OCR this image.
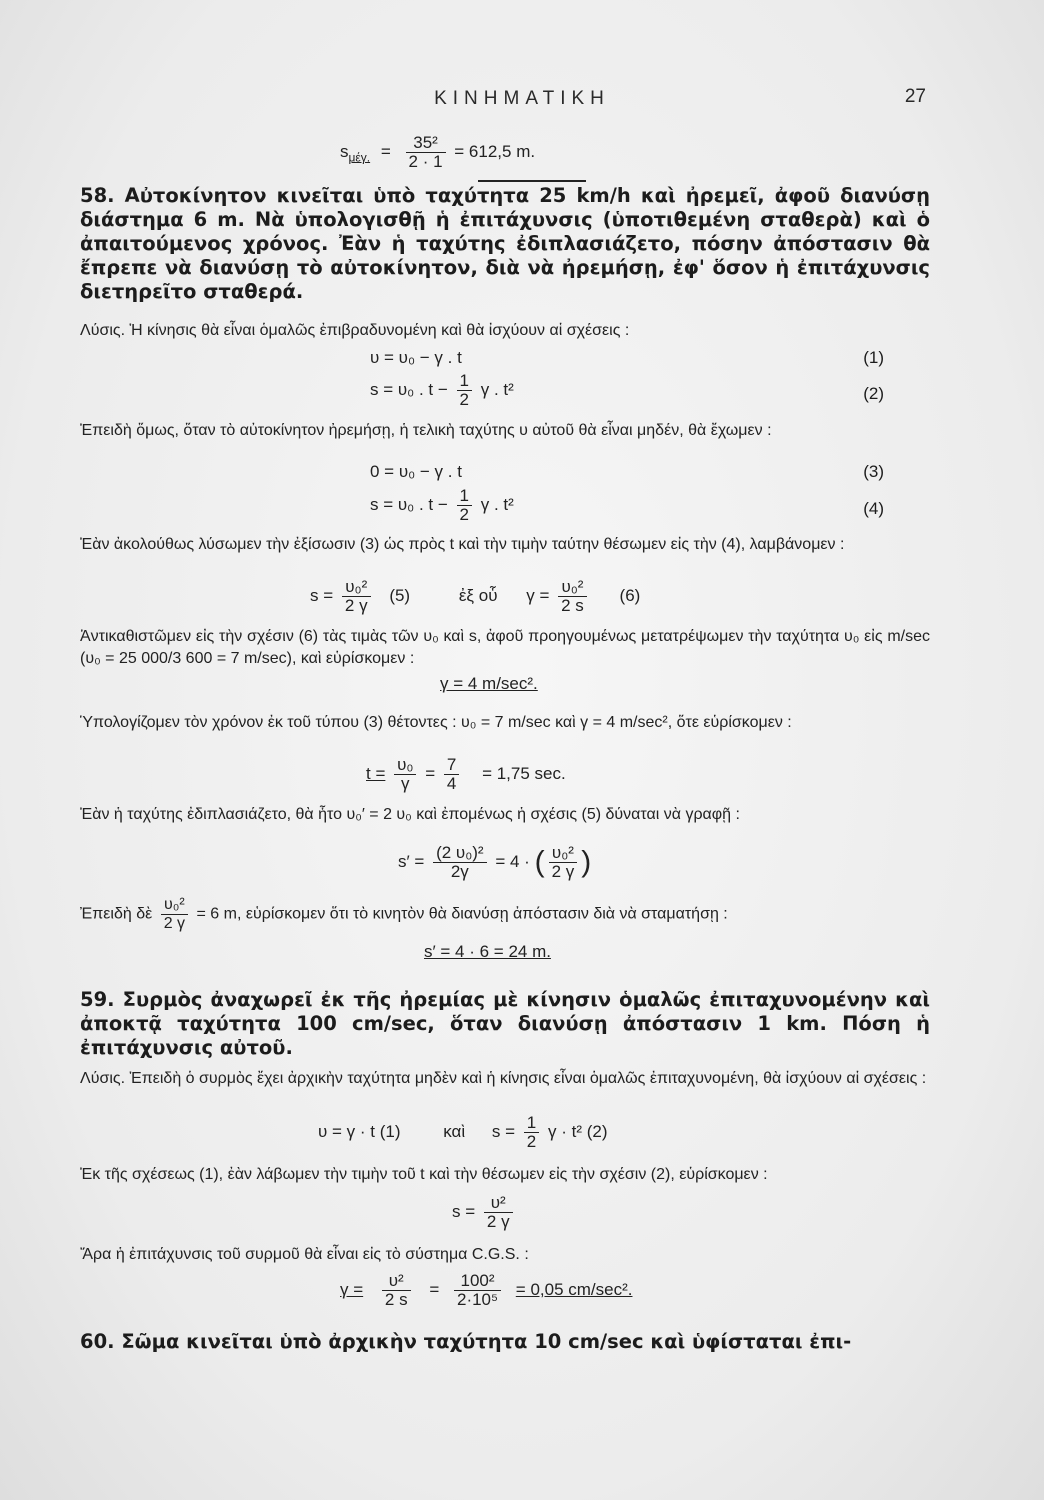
ΚΙΝΗΜΑΤΙΚΗ	27
$s_{\mu έ\gamma.} = \frac{\text{35²}}{2 \cdot 1} = 612,5$ m.
58. Αὐτοκίνητον κινεῖται ὑπὸ ταχύτητα 25 km/h καὶ ἠρεμεῖ, ἀφοῦ διανύσῃ διάστημα 6 m. Νὰ ὑπολογισθῇ ἡ ἐπιτάχυνσις (ὑποτιθεμένη σταθερὰ) καὶ ὁ ἀπαιτούμενος χρόνος. Ἐὰν ἡ ταχύτης ἐδιπλασιάζετο, πόσην ἀπόστασιν θὰ ἔπρεπε νὰ διανύσῃ τὸ αὐτοκίνητον, διὰ νὰ ἠρεμήσῃ, ἐφ' ὅσον ἡ ἐπιτάχυνσις διετηρεῖτο σταθερά.
Λύσις. Ἡ κίνησις θὰ εἶναι ὁμαλῶς ἐπιβραδυνομένη καὶ θὰ ἰσχύουν αἱ σχέσεις :
υ = υ₀ − γ . t	(1)
s = υ₀ . $t - \frac{1}{2}$ γ . t²	(2)
Ἐπειδὴ ὅμως, ὅταν τὸ αὐτοκίνητον ἠρεμήσῃ, ἡ τελικὴ ταχύτης υ αὐτοῦ θὰ εἶναι μηδέν, θὰ ἔχωμεν :
0 = υ₀ − γ . t	(3)
s = υ₀ . $t - \frac{1}{2}$ γ . t²	(4)
Ἐὰν ἀκολούθως λύσωμεν τὴν ἐξίσωσιν (3) ὡς πρὸς t καὶ τὴν τιμὴν ταύτην θέσωμεν εἰς τὴν (4), λαμβάνομεν :
$s = \frac{\text{υ₀²}}{2 \gamma} (5)$	ἐξ οὗ $\gamma = \frac{\text{υ₀²}}{2 s} (6)$
Ἀντικαθιστῶμεν εἰς τὴν σχέσιν (6) τὰς τιμὰς τῶν υ₀ καὶ s, ἀφοῦ προηγουμένως μετατρέψωμεν τὴν ταχύτητα υ₀ εἰς m/sec (υ₀ = 25 000/3 600 = 7 m/sec), καὶ εὑρίσκομεν :
γ = 4 m/sec².
Ὑπολογίζομεν τὸν χρόνον ἐκ τοῦ τύπου (3) θέτοντες : υ₀ = 7 m/sec καὶ γ = 4 m/sec², ὅτε εὑρίσκομεν :
$t = \frac{\text{υ₀}}{\gamma} = \frac{7}{4} = 1,75$ sec.
Ἐὰν ἡ ταχύτης ἐδιπλασιάζετο, θὰ ἦτο υ₀′ = 2 υ₀ καὶ ἐπομένως ἡ σχέσις (5) δύναται νὰ γραφῇ :
$s' = \frac{\text{(2 υ₀)²}}{2\gamma} = 4$ · ( $\frac{\text{υ₀²}}{2 \gamma}$ )
Ἐπειδὴ δὲ $\frac{\text{υ₀²}}{2 \gamma} = 6$ m, εὑρίσκομεν ὅτι τὸ κινητὸν θὰ διανύσῃ ἀπόστασιν διὰ νὰ σταματήσῃ :
s′ = 4 · 6 = 24 m.
59. Συρμὸς ἀναχωρεῖ ἐκ τῆς ἠρεμίας μὲ κίνησιν ὁμαλῶς ἐπιταχυνομένην καὶ ἀποκτᾷ ταχύτητα 100 cm/sec, ὅταν διανύσῃ ἀπόστασιν 1 km. Πόση ἡ ἐπιτάχυνσις αὐτοῦ.
Λύσις. Ἐπειδὴ ὁ συρμὸς ἔχει ἀρχικὴν ταχύτητα μηδὲν καὶ ἡ κίνησις εἶναι ὁμαλῶς ἐπιταχυνομένη, θὰ ἰσχύουν αἱ σχέσεις :
υ = γ · t (1)	καὶ $s = \frac{1}{2}$ γ · t² (2)
Ἐκ τῆς σχέσεως (1), ἐὰν λάβωμεν τὴν τιμὴν τοῦ t καὶ τὴν θέσωμεν εἰς τὴν σχέσιν (2), εὑρίσκομεν :
$s = \frac{\text{υ²}}{2 \gamma}$
Ἄρα ἡ ἐπιτάχυνσις τοῦ συρμοῦ θὰ εἶναι εἰς τὸ σύστημα C.G.S. :
$\gamma = \frac{\text{υ²}}{2 s} = \frac{\text{100²}}{\text{2·10⁵}} = 0,05$ cm/sec².
60. Σῶμα κινεῖται ὑπὸ ἀρχικὴν ταχύτητα 10 cm/sec καὶ ὑφίσταται ἐπι-
